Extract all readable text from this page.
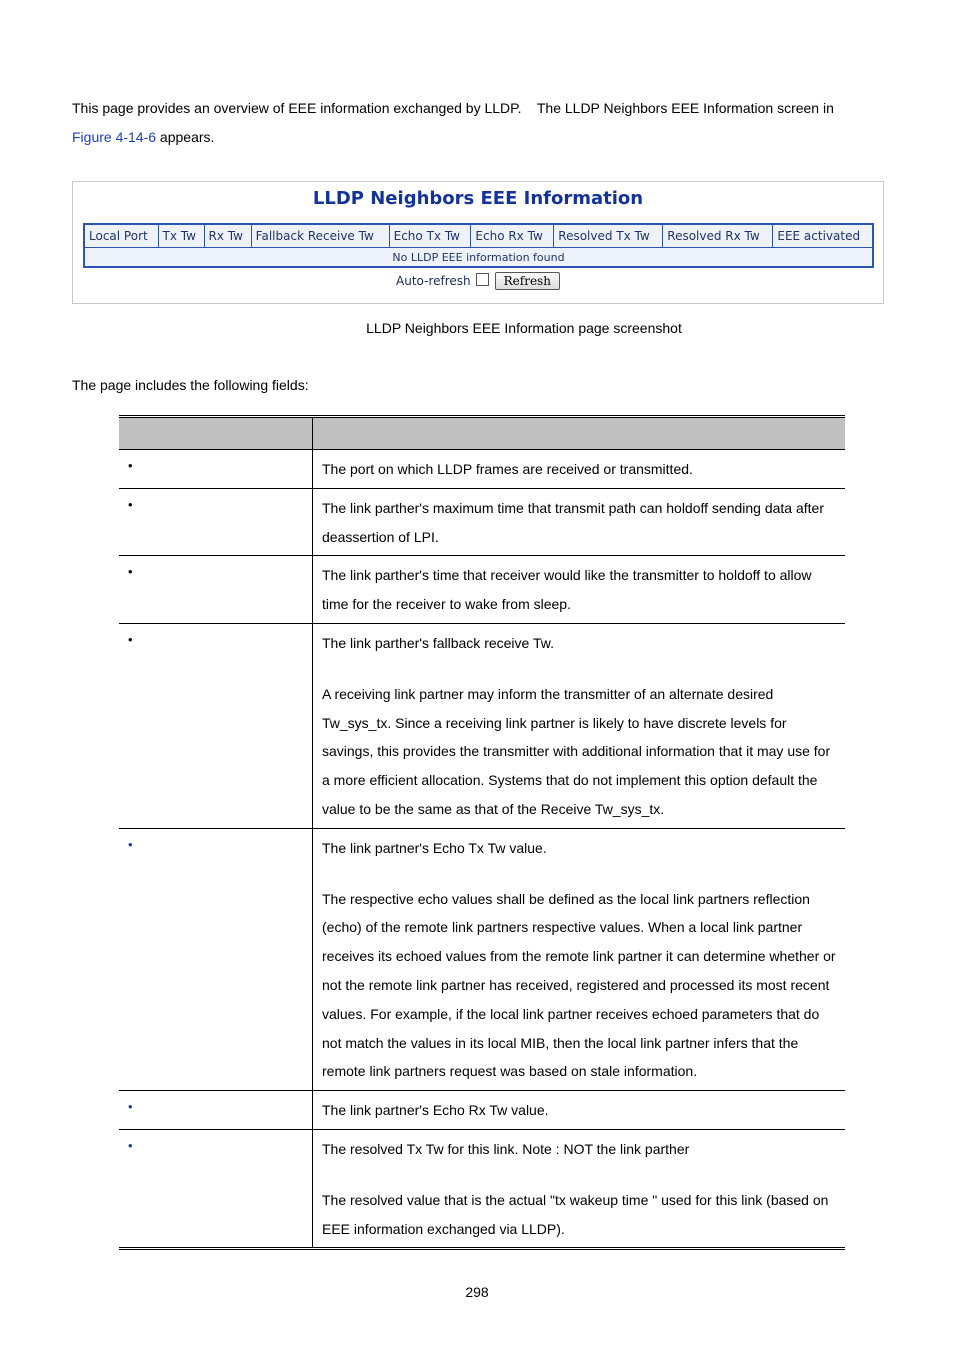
This page provides an overview of EEE information exchanged by LLDP.    The LLDP Neighbors EEE Information screen in
Figure 4-14-6 appears.
LLDP Neighbors EEE Information
Local Port	Tx Tw	Rx Tw	Fallback Receive Tw	Echo Tx Tw	Echo Rx Tw	Resolved Tx Tw	Resolved Rx Tw	EEE activated
No LLDP EEE information found
Auto-refresh	Refresh
LLDP Neighbors EEE Information page screenshot
The page includes the following fields:

•	The port on which LLDP frames are received or transmitted.

•	The link parther's maximum time that transmit path can holdoff sending data after deassertion of LPI.

•	The link parther's time that receiver would like the transmitter to holdoff to allow time for the receiver to wake from sleep.

•	The link parther's fallback receive Tw.
A receiving link partner may inform the transmitter of an alternate desired Tw_sys_tx. Since a receiving link partner is likely to have discrete levels for savings, this provides the transmitter with additional information that it may use for a more efficient allocation. Systems that do not implement this option default the value to be the same as that of the Receive Tw_sys_tx.

•	The link partner's Echo Tx Tw value.
The respective echo values shall be defined as the local link partners reflection (echo) of the remote link partners respective values. When a local link partner receives its echoed values from the remote link partner it can determine whether or not the remote link partner has received, registered and processed its most recent values. For example, if the local link partner receives echoed parameters that do not match the values in its local MIB, then the local link partner infers that the remote link partners request was based on stale information.

•	The link partner's Echo Rx Tw value.

•	The resolved Tx Tw for this link. Note : NOT the link parther
The resolved value that is the actual "tx wakeup time " used for this link (based on EEE information exchanged via LLDP).
298
